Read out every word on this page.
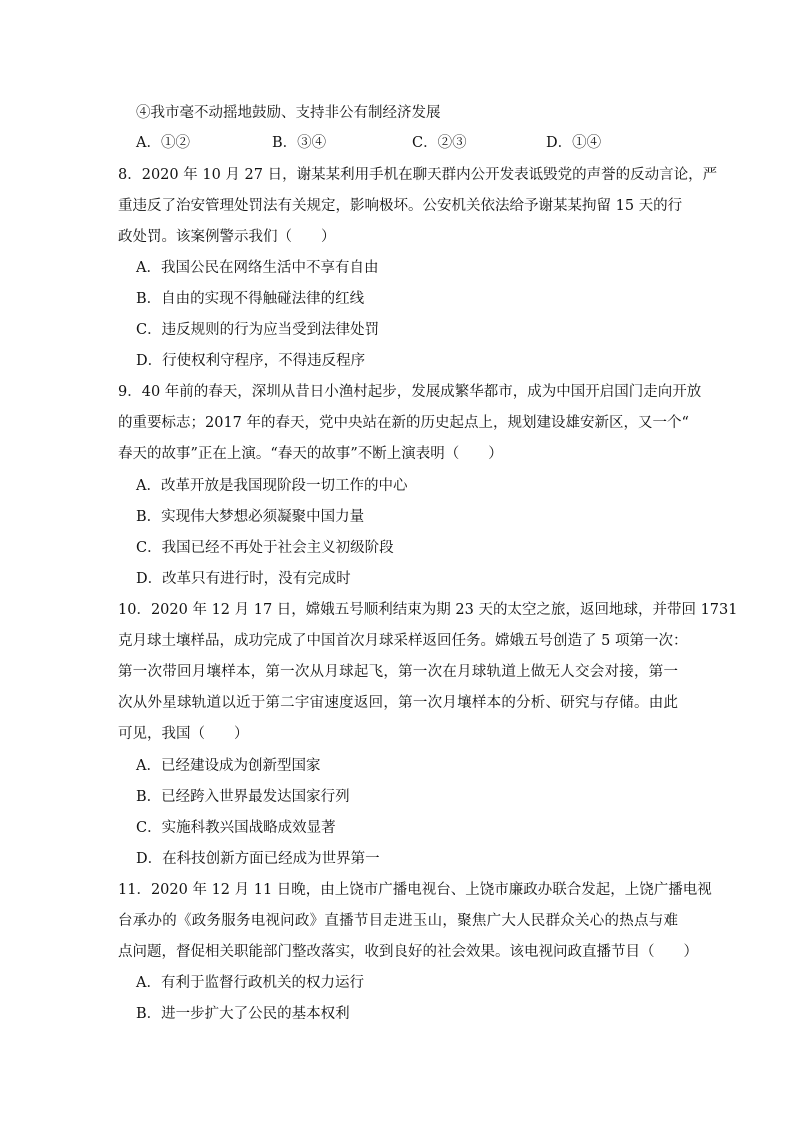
④我市毫不动摇地鼓励、支持非公有制经济发展
A．①②	B．③④	C．②③	D．①④
8．2020 年 10 月 27 日，谢某某利用手机在聊天群内公开发表诋毁党的声誉的反动言论，严
重违反了治安管理处罚法有关规定，影响极坏。公安机关依法给予谢某某拘留 15 天的行
政处罚。该案例警示我们（　　）
A．我国公民在网络生活中不享有自由
B．自由的实现不得触碰法律的红线
C．违反规则的行为应当受到法律处罚
D．行使权利守程序，不得违反程序
9．40 年前的春天，深圳从昔日小渔村起步，发展成繁华都市，成为中国开启国门走向开放
的重要标志；2017 年的春天，党中央站在新的历史起点上，规划建设雄安新区，又一个“
春天的故事”正在上演。“春天的故事”不断上演表明（　　）
A．改革开放是我国现阶段一切工作的中心
B．实现伟大梦想必须凝聚中国力量
C．我国已经不再处于社会主义初级阶段
D．改革只有进行时，没有完成时
10．2020 年 12 月 17 日，嫦娥五号顺利结束为期 23 天的太空之旅，返回地球，并带回 1731
克月球土壤样品，成功完成了中国首次月球采样返回任务。嫦娥五号创造了 5 项第一次：
第一次带回月壤样本，第一次从月球起飞，第一次在月球轨道上做无人交会对接，第一
次从外星球轨道以近于第二宇宙速度返回，第一次月壤样本的分析、研究与存储。由此
可见，我国（　　）
A．已经建设成为创新型国家
B．已经跨入世界最发达国家行列
C．实施科教兴国战略成效显著
D．在科技创新方面已经成为世界第一
11．2020 年 12 月 11 日晚，由上饶市广播电视台、上饶市廉政办联合发起，上饶广播电视
台承办的《政务服务电视问政》直播节目走进玉山，聚焦广大人民群众关心的热点与难
点问题，督促相关职能部门整改落实，收到良好的社会效果。该电视问政直播节目（　　）
A．有利于监督行政机关的权力运行
B．进一步扩大了公民的基本权利
